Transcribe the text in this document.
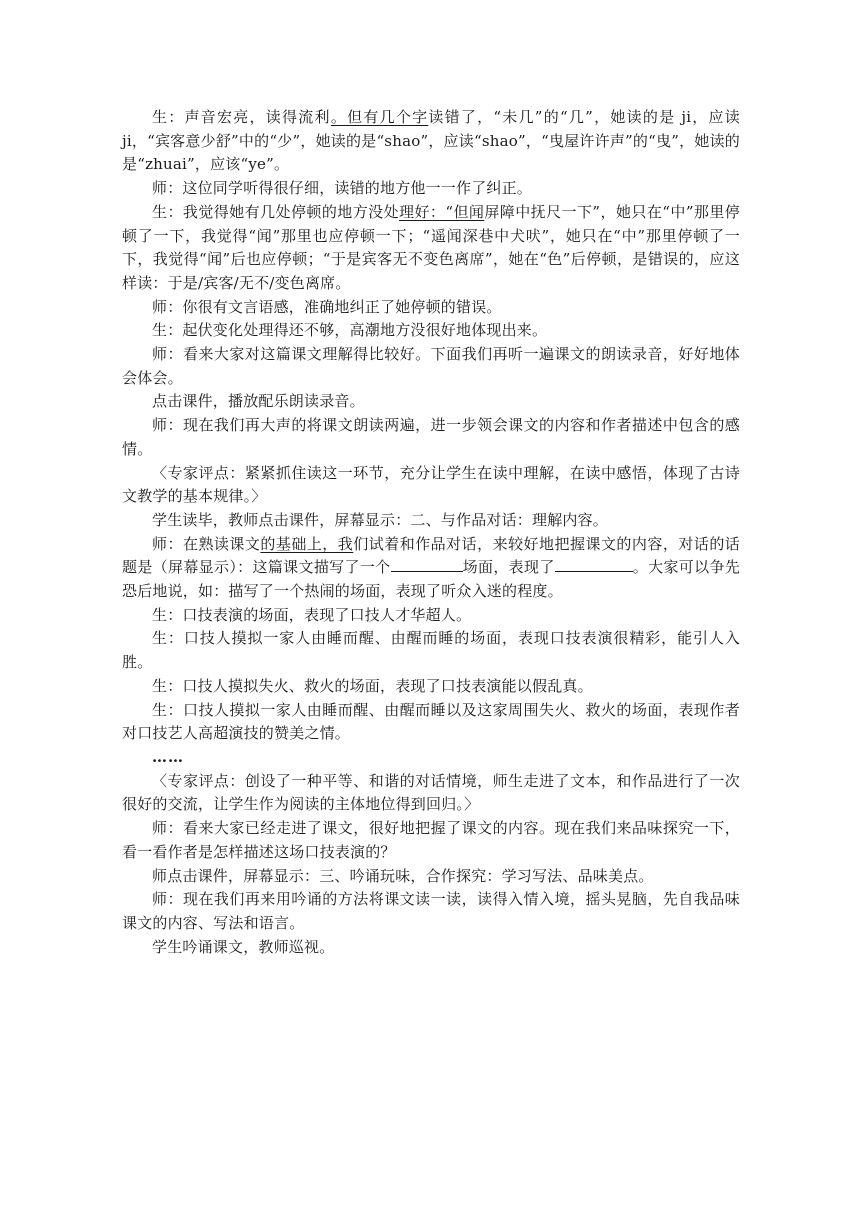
生：声音宏亮，读得流利。但有几个字读错了，“未几”的“几”，她读的是 ji，应读 ji，“宾客意少舒”中的“少”，她读的是“shao”，应读“shao”，“曳屋许许声”的“曳”，她读的是“zhuai”，应该“ye”。

师：这位同学听得很仔细，读错的地方他一一作了纠正。

生：我觉得她有几处停顿的地方没处理好：“但闻屏障中抚尺一下”，她只在“中”那里停顿了一下，我觉得“闻”那里也应停顿一下；“遥闻深巷中犬吠”，她只在“中”那里停顿了一下，我觉得“闻”后也应停顿；“于是宾客无不变色离席”，她在“色”后停顿，是错误的，应这样读：于是/宾客/无不/变色离席。

师：你很有文言语感，准确地纠正了她停顿的错误。

生：起伏变化处理得还不够，高潮地方没很好地体现出来。

师：看来大家对这篇课文理解得比较好。下面我们再听一遍课文的朗读录音，好好地体会体会。

点击课件，播放配乐朗读录音。

师：现在我们再大声的将课文朗读两遍，进一步领会课文的内容和作者描述中包含的感情。

〈专家评点：紧紧抓住读这一环节，充分让学生在读中理解，在读中感悟，体现了古诗文教学的基本规律。〉

学生读毕，教师点击课件，屏幕显示：二、与作品对话：理解内容。

师：在熟读课文的基础上，我们试着和作品对话，来较好地把握课文的内容，对话的话题是（屏幕显示）：这篇课文描写了一个	场面，表现了	。大家可以争先恐后地说，如：描写了一个热闹的场面，表现了听众入迷的程度。

生：口技表演的场面，表现了口技人才华超人。

生：口技人摸拟一家人由睡而醒、由醒而睡的场面，表现口技表演很精彩，能引人入胜。

生：口技人摸拟失火、救火的场面，表现了口技表演能以假乱真。

生：口技人摸拟一家人由睡而醒、由醒而睡以及这家周围失火、救火的场面，表现作者对口技艺人高超演技的赞美之情。

……

〈专家评点：创设了一种平等、和谐的对话情境，师生走进了文本，和作品进行了一次很好的交流，让学生作为阅读的主体地位得到回归。〉

师：看来大家已经走进了课文，很好地把握了课文的内容。现在我们来品味探究一下，看一看作者是怎样描述这场口技表演的？

师点击课件，屏幕显示：三、吟诵玩味，合作探究：学习写法、品味美点。

师：现在我们再来用吟诵的方法将课文读一读，读得入情入境，摇头晃脑，先自我品味课文的内容、写法和语言。

学生吟诵课文，教师巡视。
